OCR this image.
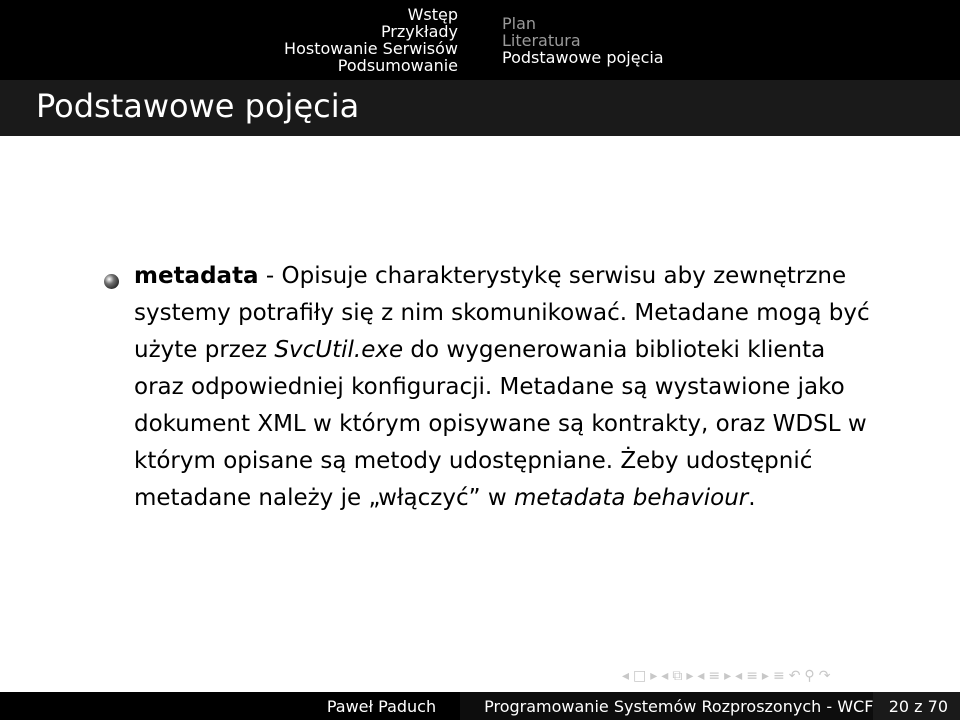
Wstęp
Przykłady
Hostowanie Serwisów
Podsumowanie
Plan
Literatura
Podstawowe pojęcia
Podstawowe pojęcia
metadata - Opisuje charakterystykę serwisu aby zewnętrzne systemy potrafiły się z nim skomunikować. Metadane mogą być użyte przez SvcUtil.exe do wygenerowania biblioteki klienta oraz odpowiedniej konfiguracji. Metadane są wystawione jako dokument XML w którym opisywane są kontrakty, oraz WDSL w którym opisane są metody udostępniane. Żeby udostępnić metadane należy je „włączyć” w metadata behaviour.
◂ □ ▸ ◂ ⧉ ▸ ◂ ≡ ▸ ◂ ≡ ▸ ≡ ↶ ⚲ ↷
Paweł Paduch	Programowanie Systemów Rozproszonych - WCF 20 z 70
